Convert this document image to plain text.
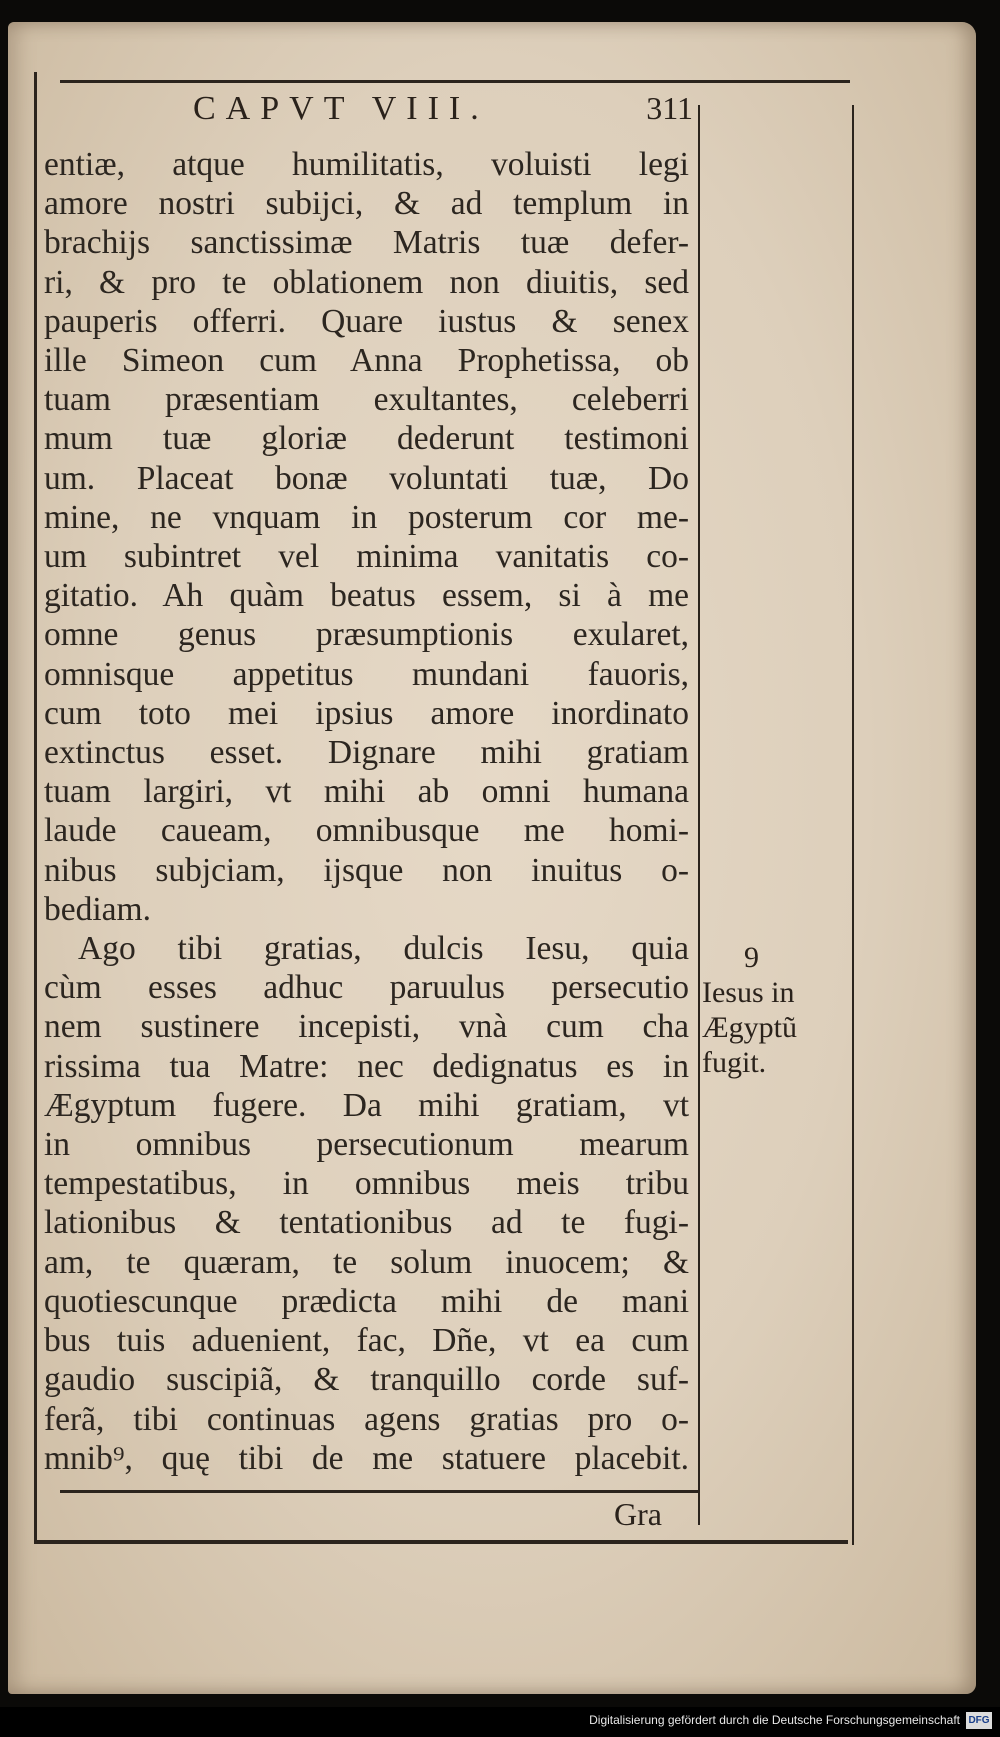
CAPVT VIII.	311
entiæ, atque humilitatis, voluisti legi
amore nostri subijci, & ad templum in
brachijs sanctissimæ Matris tuæ defer-
ri, & pro te oblationem non diuitis, sed
pauperis offerri. Quare iustus & senex
ille Simeon cum Anna Prophetissa, ob
tuam præsentiam exultantes, celeberri
mum tuæ gloriæ dederunt testimoni
um. Placeat bonæ voluntati tuæ, Do
mine, ne vnquam in posterum cor me-
um subintret vel minima vanitatis co-
gitatio. Ah quàm beatus essem, si à me
omne genus præsumptionis exularet,
omnisque appetitus mundani fauoris,
cum toto mei ipsius amore inordinato
extinctus esset. Dignare mihi gratiam
tuam largiri, vt mihi ab omni humana
laude caueam, omnibusque me homi-
nibus subjciam, ijsque non inuitus o-
bediam.
Ago tibi gratias, dulcis Iesu, quia
cùm esses adhuc paruulus persecutio
nem sustinere incepisti, vnà cum cha
rissima tua Matre: nec dedignatus es in
Ægyptum fugere. Da mihi gratiam, vt
in omnibus persecutionum mearum
tempestatibus, in omnibus meis tribu
lationibus & tentationibus ad te fugi-
am, te quæram, te solum inuocem; &
quotiescunque prædicta mihi de mani
bus tuis aduenient, fac, Dñe, vt ea cum
gaudio suscipiã, & tranquillo corde suf-
ferã, tibi continuas agens gratias pro o-
mnib⁹, quę tibi de me statuere placebit.
9
Iesus in
Ægyptũ
fugit.
Gra
Digitalisierung gefördert durch die Deutsche Forschungsgemeinschaft DFG
